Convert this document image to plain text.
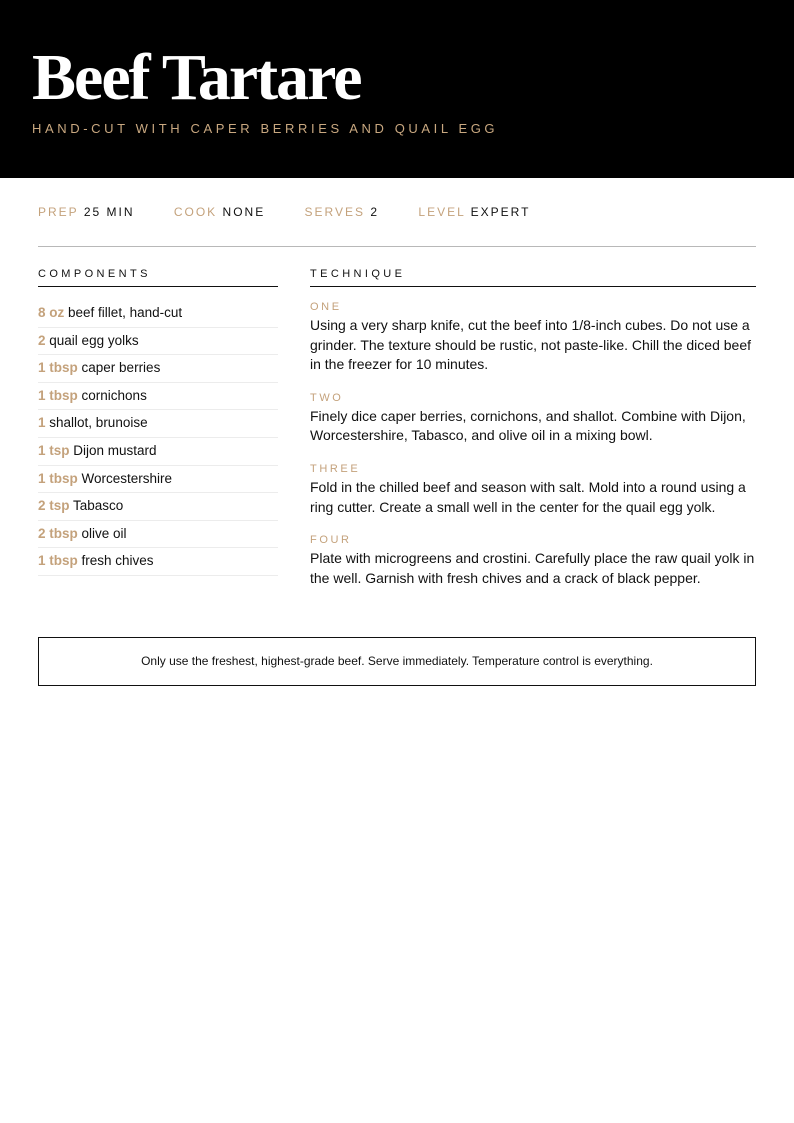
Beef Tartare
HAND-CUT WITH CAPER BERRIES AND QUAIL EGG
PREP 25 MIN	COOK NONE	SERVES 2	LEVEL EXPERT
COMPONENTS	TECHNIQUE
8 oz beef fillet, hand-cut
2 quail egg yolks
1 tbsp caper berries
1 tbsp cornichons
1 shallot, brunoise
1 tsp Dijon mustard
1 tbsp Worcestershire
2 tsp Tabasco
2 tbsp olive oil
1 tbsp fresh chives
ONE

Using a very sharp knife, cut the beef into 1/8-inch cubes. Do not use a grinder. The texture should be rustic, not paste-like. Chill the diced beef in the freezer for 10 minutes.

TWO

Finely dice caper berries, cornichons, and shallot. Combine with Dijon, Worcestershire, Tabasco, and olive oil in a mixing bowl.

THREE

Fold in the chilled beef and season with salt. Mold into a round using a ring cutter. Create a small well in the center for the quail egg yolk.

FOUR

Plate with microgreens and crostini. Carefully place the raw quail yolk in the well. Garnish with fresh chives and a crack of black pepper.

Only use the freshest, highest-grade beef. Serve immediately. Temperature control is everything.
